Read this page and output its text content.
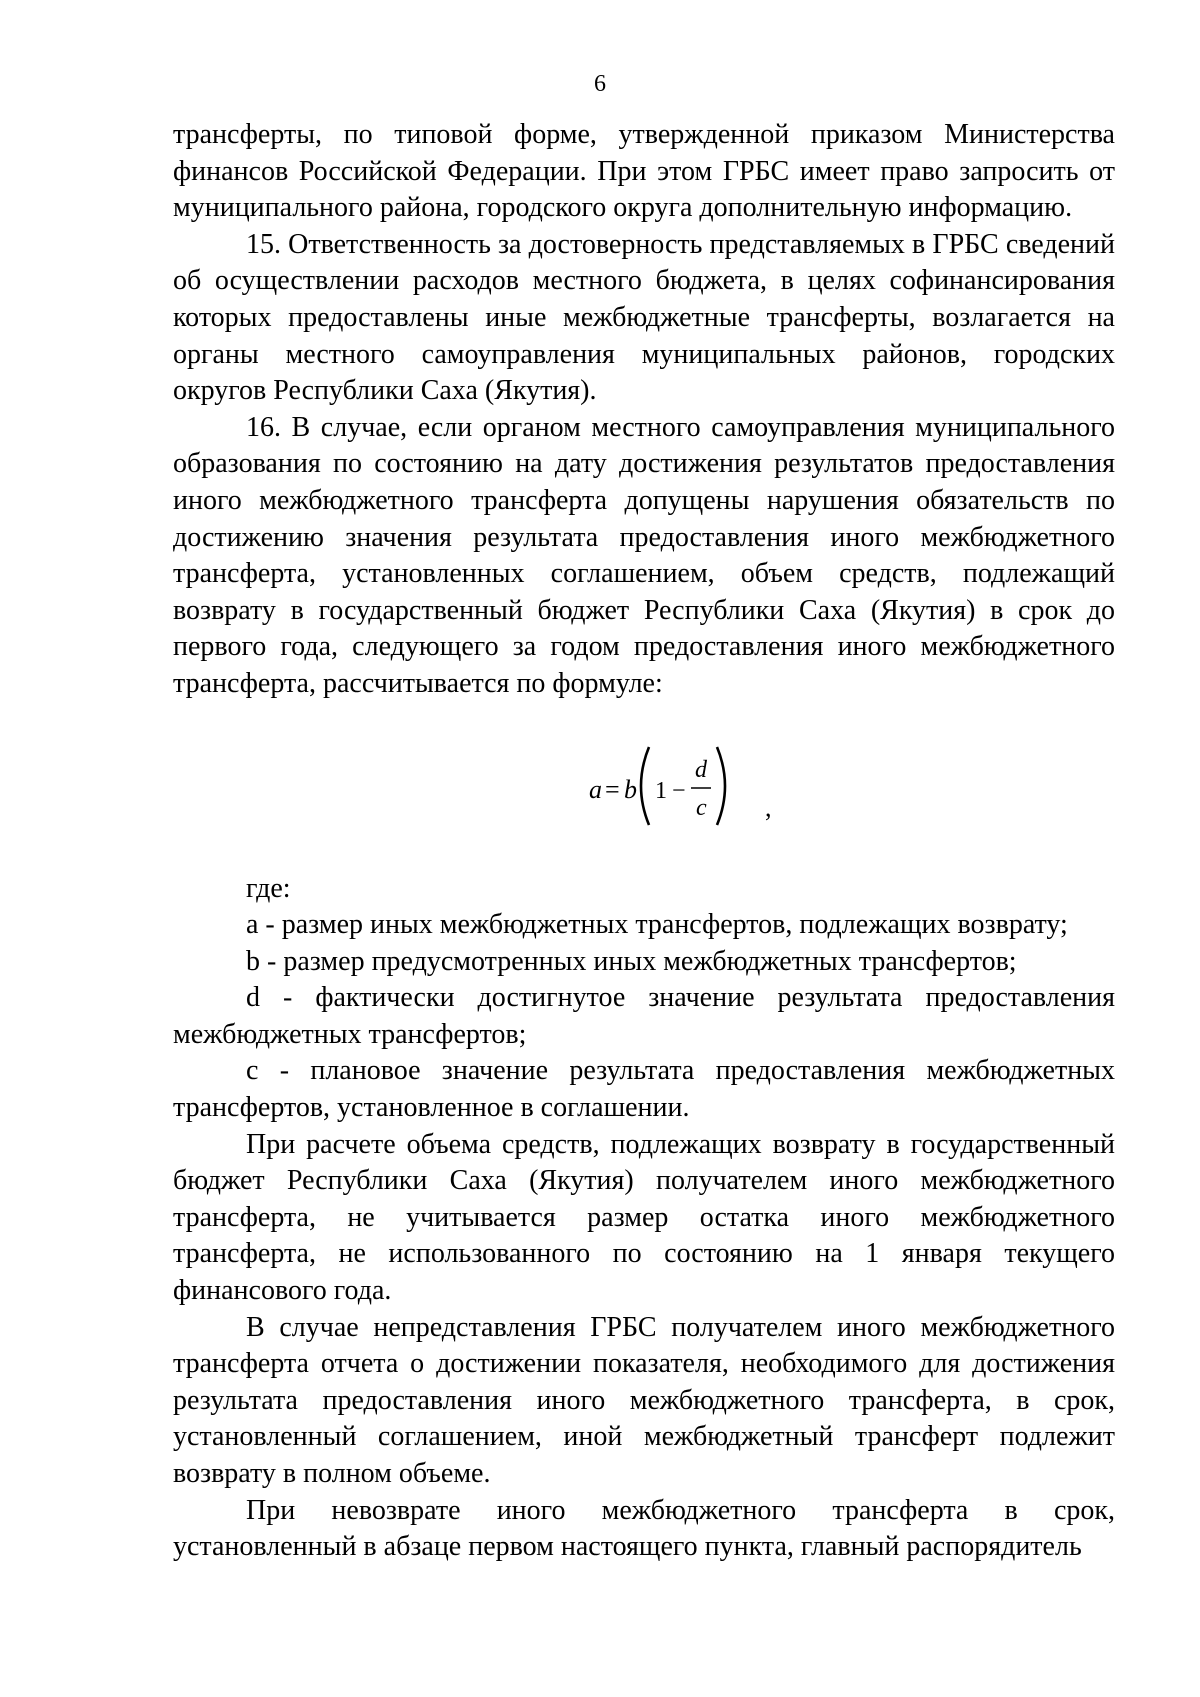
6

трансферты, по типовой форме, утвержденной приказом Министерства финансов Российской Федерации. При этом ГРБС имеет право запросить от муниципального района, городского округа дополнительную информацию.

15. Ответственность за достоверность представляемых в ГРБС сведений об осуществлении расходов местного бюджета, в целях софинансирования которых предоставлены иные межбюджетные трансферты, возлагается на органы местного самоуправления муниципальных районов, городских округов Республики Саха (Якутия).

16. В случае, если органом местного самоуправления муниципального образования по состоянию на дату достижения результатов предоставления иного межбюджетного трансферта допущены нарушения обязательств по достижению значения результата предоставления иного межбюджетного трансферта, установленных соглашением, объем средств, подлежащий возврату в государственный бюджет Республики Саха (Якутия) в срок до первого года, следующего за годом предоставления иного межбюджетного трансферта, рассчитывается по формуле:

a = b 1 −
d
c ,

где:

a - размер иных межбюджетных трансфертов, подлежащих возврату;

b - размер предусмотренных иных межбюджетных трансфертов;

d - фактически достигнутое значение результата предоставления межбюджетных трансфертов;

c - плановое значение результата предоставления межбюджетных трансфертов, установленное в соглашении.

При расчете объема средств, подлежащих возврату в государственный бюджет Республики Саха (Якутия) получателем иного межбюджетного трансферта, не учитывается размер остатка иного межбюджетного трансферта, не использованного по состоянию на 1 января текущего финансового года.

В случае непредставления ГРБС получателем иного межбюджетного трансферта отчета о достижении показателя, необходимого для достижения результата предоставления иного межбюджетного трансферта, в срок, установленный соглашением, иной межбюджетный трансферт подлежит возврату в полном объеме.

При невозврате иного межбюджетного трансферта в срок, установленный в абзаце первом настоящего пункта, главный распорядитель
